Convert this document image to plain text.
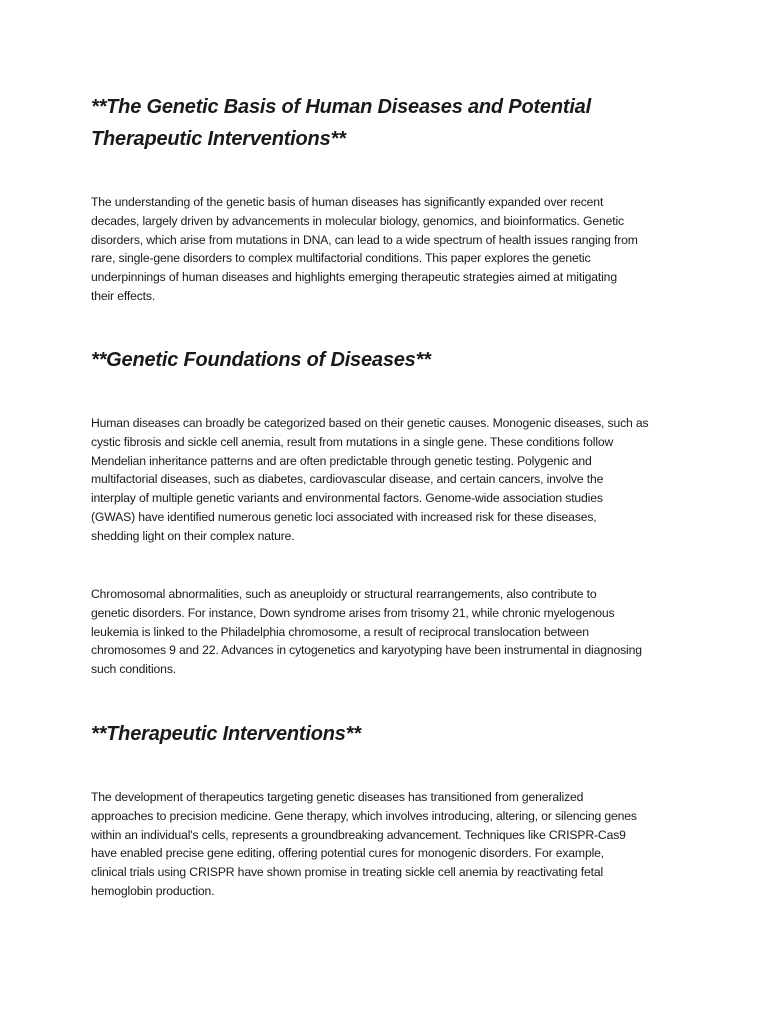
**The Genetic Basis of Human Diseases and Potential
Therapeutic Interventions**

The understanding of the genetic basis of human diseases has significantly expanded over recent
decades, largely driven by advancements in molecular biology, genomics, and bioinformatics. Genetic
disorders, which arise from mutations in DNA, can lead to a wide spectrum of health issues ranging from
rare, single-gene disorders to complex multifactorial conditions. This paper explores the genetic
underpinnings of human diseases and highlights emerging therapeutic strategies aimed at mitigating
their effects.

**Genetic Foundations of Diseases**

Human diseases can broadly be categorized based on their genetic causes. Monogenic diseases, such as
cystic fibrosis and sickle cell anemia, result from mutations in a single gene. These conditions follow
Mendelian inheritance patterns and are often predictable through genetic testing. Polygenic and
multifactorial diseases, such as diabetes, cardiovascular disease, and certain cancers, involve the
interplay of multiple genetic variants and environmental factors. Genome-wide association studies
(GWAS) have identified numerous genetic loci associated with increased risk for these diseases,
shedding light on their complex nature.

Chromosomal abnormalities, such as aneuploidy or structural rearrangements, also contribute to
genetic disorders. For instance, Down syndrome arises from trisomy 21, while chronic myelogenous
leukemia is linked to the Philadelphia chromosome, a result of reciprocal translocation between
chromosomes 9 and 22. Advances in cytogenetics and karyotyping have been instrumental in diagnosing
such conditions.

**Therapeutic Interventions**

The development of therapeutics targeting genetic diseases has transitioned from generalized
approaches to precision medicine. Gene therapy, which involves introducing, altering, or silencing genes
within an individual's cells, represents a groundbreaking advancement. Techniques like CRISPR-Cas9
have enabled precise gene editing, offering potential cures for monogenic disorders. For example,
clinical trials using CRISPR have shown promise in treating sickle cell anemia by reactivating fetal
hemoglobin production.
